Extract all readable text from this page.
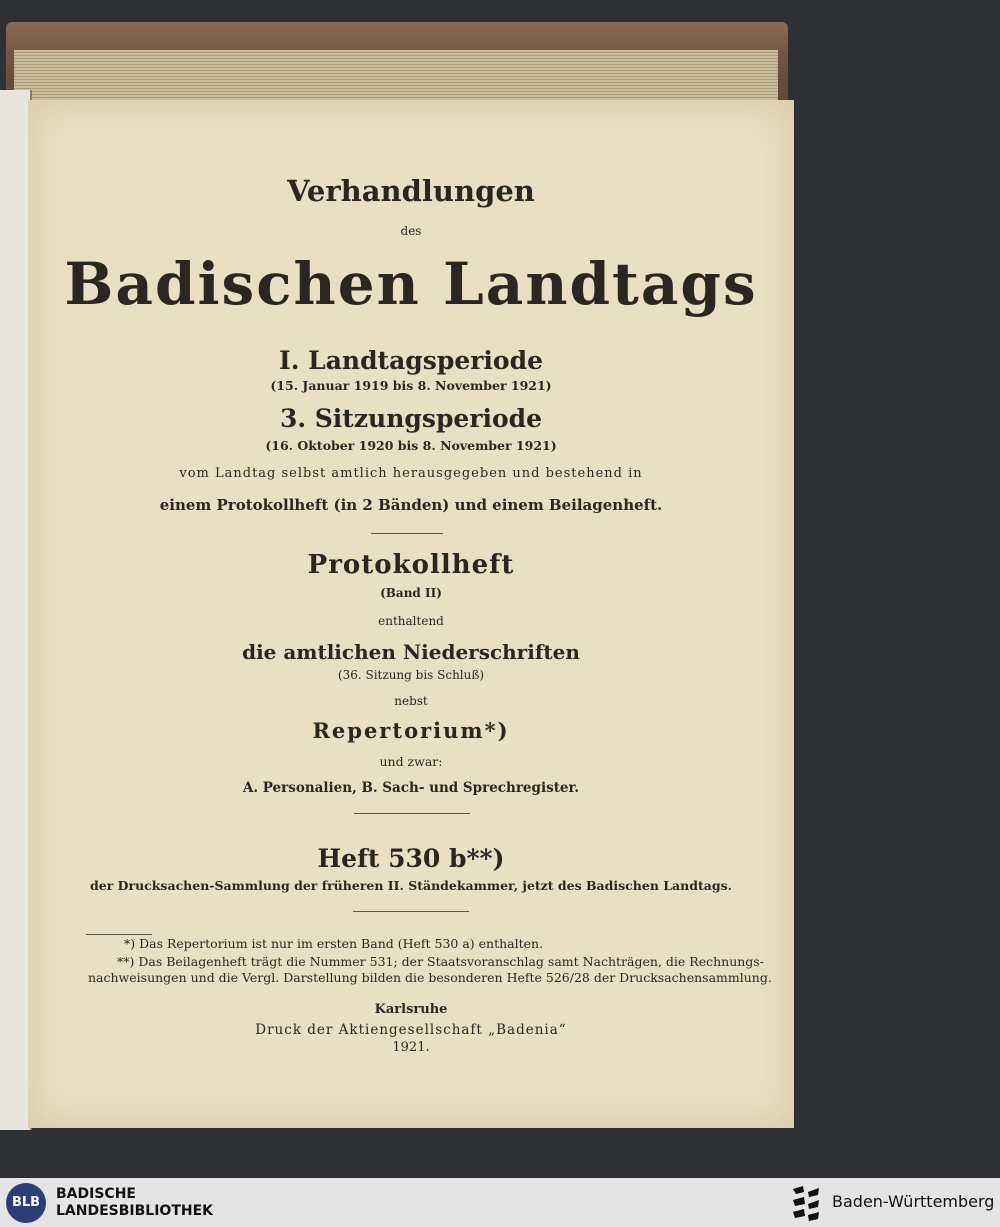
Verhandlungen
des
Badischen Landtags
I. Landtagsperiode
(15. Januar 1919 bis 8. November 1921)
3. Sitzungsperiode
(16. Oktober 1920 bis 8. November 1921)
vom Landtag selbst amtlich herausgegeben und bestehend in
einem Protokollheft (in 2 Bänden) und einem Beilagenheft.
Protokollheft
(Band II)
enthaltend
die amtlichen Niederschriften
(36. Sitzung bis Schluß)
nebst
Repertorium*)
und zwar:
A. Personalien, B. Sach- und Sprechregister.
Heft 530 b**)
der Drucksachen-Sammlung der früheren II. Ständekammer, jetzt des Badischen Landtags.
*) Das Repertorium ist nur im ersten Band (Heft 530 a) enthalten.
**) Das Beilagenheft trägt die Nummer 531; der Staatsvoranschlag samt Nachträgen, die Rechnungs-
nachweisungen und die Vergl. Darstellung bilden die besonderen Hefte 526/28 der Drucksachensammlung.
Karlsruhe
Druck der Aktiengesellschaft „Badenia“
1921.
BLB
BADISCHE
LANDESBIBLIOTHEK	Baden-Württemberg
